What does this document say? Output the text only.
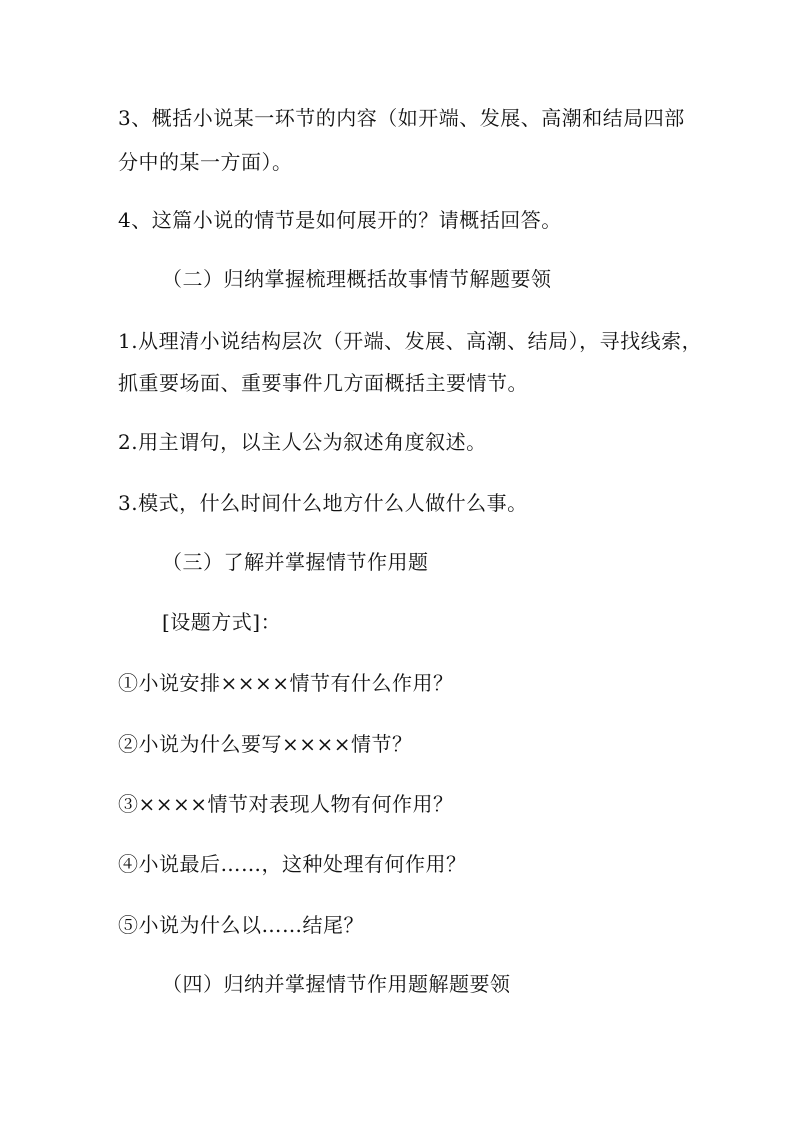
3、概括小说某一环节的内容（如开端、发展、高潮和结局四部
分中的某一方面）。
4、这篇小说的情节是如何展开的？请概括回答。
（二）归纳掌握梳理概括故事情节解题要领
1.从理清小说结构层次（开端、发展、高潮、结局），寻找线索，
抓重要场面、重要事件几方面概括主要情节。
2.用主谓句，以主人公为叙述角度叙述。
3.模式，什么时间什么地方什么人做什么事。
（三）了解并掌握情节作用题
[设题方式]：
①小说安排××××情节有什么作用？
②小说为什么要写××××情节？
③××××情节对表现人物有何作用？
④小说最后……，这种处理有何作用？
⑤小说为什么以……结尾？
（四）归纳并掌握情节作用题解题要领
